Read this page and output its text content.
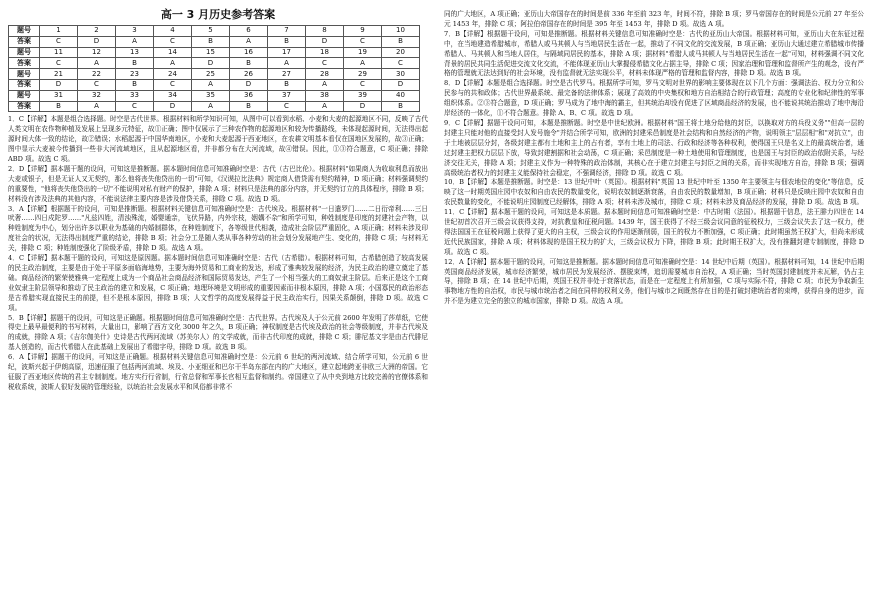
高一 3 月历史参考答案
题号	1	2	3	4	5	6	7	8	9	10
答案	C	D	A	C	B	A	B	D	C	B
题号	11	12	13	14	15	16	17	18	19	20
答案	C	A	B	A	D	B	A	C	A	C
题号	21	22	23	24	25	26	27	28	29	30
答案	D	C	B	C	A	D	B	A	C	D
题号	31	32	33	34	35	36	37	38	39	40
答案	B	A	C	D	A	B	C	A	D	B

1．C【详解】本题是组合选择题。时空是古代世界。根据材料和所学知识可知，从图中可以看到水稻、小麦和大麦的起源地区不同，反映了古代人类文明在农作物种植及发展上呈现多元特征，故①正确；图中仅展示了三种农作物的起源地区和较为传播路线，未体现起源时间，无法得出起源时间大体一致的结论，故②错误；水稻起源于中国华南地区，小麦和大麦起源于西亚地区，在农耕文明基本看仅在国地区发展的，故③正确；图中显示大麦被今传播到一些非大河流域地区，且从起源地区看，并非都分布在大河流域，故④错误。因此，①③符合题意，C 项正确；排除 ABD 项。故选 C 项。

2．D【详解】据本题干题的设问，可知这是推断题。据本题时间信息可知准确时空是：古代（古巴比伦）。根据材料"如果商人为收取利息而放出大麦或银子，但是无证人又无契约，那么他将丧失他贷出的一切"可知，《汉谟拉比法典》规定商人借贷需有契约精神，D 项正确；材料强调契约的重要性，"他将丧失他贷出的一切"不能说明对私有财产的保护，排除 A 项；材料只是法典的部分内容，并无契约订立的具体程序，排除 B 项；材料没有涉及法典的其他内容，不能说法律主要内容是涉及借贷关系，排除 C 项。故选 D 项。

3．A【详解】根据题干的设问，可知是推断题。根据材料关键信息可知准确时空是：古代埃及。根据材料"一日遣罗门……二日衍帝利……三日吠奢……四日戍陀罗……"凡兹四姓，清浊殊流，婚婴通亲，飞伏异路，内外宗枝，姻媾不杂"和所学可知，种姓制度是印度的封建社会产物，以种姓制度为中心，划分出许多以职业为基础的内婚制群体，在种姓制度下，各等级世代相袭，造成社会阶层严重固化，A 项正确；材料未涉及印度社会的状况，无法得出制度严重的结论，排除 B 项；社会分工是随人类从事各种劳动的社会划分发展地产生、变化的，排除 C 项；与材料无关，排除 C 项；种姓制度强化了阶级矛盾，排除 D 项。故选 A 项。

4．C【详解】据本题干题的设问，可知这是原因题。据本题时间信息可知准确时空是：古代（古希腊）。根据材料可知，古希腊创造了较高发展的民主政治制度，主要是由于处于平原多面临海地势，主要为海外贸易和工商业的发达，形成了雅典较发展的经济，为民主政治的建立奠定了基础。商品经济的繁荣使雅典一定程度上成为一个商品社会商品经济和国际贸易发达，产生了一个相当强大的工商奴隶主阶层。后来正是这个工商业奴隶主阶层领导和推动了民主政治的建立和发展，C 项正确；地理环境是文明形成的重要因素而非根本原因，排除 A 项；小国寡民的政治形态是古希腊实现直接民主的前提，但不是根本原因，排除 B 项；人文哲学的高度发展得益于民主政治实行，因果关系颠倒，排除 D 项。故选 C 项。

5．B【详解】据题干的设问，可知这是正确题。根据题时间信息可知准确时空是：古代世界。古代埃及人于公元前 2600 年发明了莎草纸，它使得史上最早最便利的书写材料，大量出口，影响了西方文化 3000 年之久，B 项正确；神权制度是古代埃及政治的社会等级制度，并非古代埃及的成就，排除 A 项；《吉尔伽美什》史诗是古代两河流域（苏美尔人）的文学成就，而非古代印度的成就，排除 C 项；腓尼基文字是由古代腓尼基人创造的，而古代希腊人在此基础上发展出了希腊字母，排除 D 项。故选 B 项。

6．A【详解】据题干的设问，可知这是正确题。根据材料关键信息可知准确时空是：公元前 6 世纪的两河流域、结合所学可知，公元前 6 世纪，波斯兴起于伊朗高原，迅速征服了包括两河流域、埃及、小亚细亚和巴尔干半岛东部在内的广大地区，建立起地跨亚非欧三大洲的帝国。它征服了西亚地区传统的君主专制制度。地方实行行省制，行省总督和军事长官相互监督和制约。帝国建立了从中央到地方比较完善的官僚体系和税收系统，波斯人很好发展的管理经验，以统治社会发展水平和风俗都非常不

同的广大地区，A 项正确；亚历山大帝国存在的时间是前 336 年至前 323 年，时间不符，排除 B 项；罗马帝国存在的时间是公元前 27 年至公元 1453 年，排除 C 项；阿拉伯帝国存在的时间是 395 年至 1453 年，排除 D 项。故选 A 项。

7．B【详解】根据题干设问，可知是推断题。根据材料关键信息可知准确时空是：古代的亚历山大帝国。根据材料可知，亚历山大在东征过程中，在当地建造希腊城市，希腊人或马其顿人与当地居民生活在一起，推动了不同文化的交流发展，B 项正确；亚历山大通过建立希腊城市传播希腊人、马其顿人和当地人居住，与隔域同居民的基本，排除 A 项；据材料"希腊人或马其顿人与当地居民生活在一起"可知，材料强调不同文化背景的居民共同生活促进交流文化交流，不能体现亚历山大掌握侵希腊文化占据主导，排除 C 项；因家治理和管理和监督所产生的观念，没有严格的管理就无法达到好的社会环境，没有监督就无法实现公平，材料未体现严格的管理和监督内容，排除 D 项。故选 B 项。

8．D【详解】本题是组合选择题。时空是古代罗马。根据所学可知，罗马文明对世界的影响主要体现在以下几个方面：强调法治、权力分立和公民参与的共和政体；古代世界最系统、最完备的法律体系；展现了高效的中央集权和地方自治相结合的行政管理；高度的专业化和纪律性的军事组织体系。②③符合题意，D 项正确；罗马成为了地中海的霸主，但其统治却没有促进了区域商品经济的发展，也不能说其统治推动了地中海沿岸经济的一体化，①不符合题意。排除 A、B、C 项。故选 D 项。

9．C【详解】据题干设问可知，本题是推断题。时空是中世纪欧洲。根据材料"国王将土地分给他的封臣，以换取对方的兵役义务""但高一层的封建主只能对他的直接受封人发号施令"并结合所学可知，欧洲的封建采邑制度是社会结构和自然经济的产物，说明领主"层层相"和"对抗立"，由于土地被层层分封，各级封建主都有土地和主上的占有者，享有土地上的司法、行政和经济等各种权利，使得国王只是名义上的最高统治者，通过封建主把权力层层下放，导致封建割据和社会动荡，C 项正确；采邑制度是一种土地使用和管理制度，也是国王与封臣的政治依附关系，与经济交往无关，排除 A 项；封建主义作为一种特殊的政治体制，其核心在于建立封建主与封臣之间的关系，而非实现地方自治，排除 B 项；强调高级统治者权力的封建主义能保持社会稳定，不强调经济，排除 D 项。故选 C 项。

10．B【详解】本题是推断题。时空是：13 世纪中叶（英国）。根据材料"英国 13 世纪中叶至 1350 年主要领主与佃农地位的变化"等信息，反映了这一时期英国庄园中农奴和自由农民的数量变化，说明农奴制逐渐衰落，自由农民的数量增加，B 项正确；材料只是反映庄园中农奴和自由农民数量的变化，不能说明庄园制度已经解体，排除 A 项；材料未涉及城市，排除 C 项；材料未涉及商品经济的发展，排除 D 项。故选 B 项。

11．C【详解】据本题干题的设问，可知这是本质题。据本题时间信息可知准确时空是：中古时期（法国）。根据题干信息，法王腓力四世在 14 世纪初首次召开三级会议获得支持，对抗教皇和征税问题。1439 年，国王获得了不经三级会议同意的征税权力，三级会议失去了这一权力，使得法国国王在征税问题上获得了更大的自主权，三级会议的作用逐渐削弱，国王的权力不断加强，C 项正确；此时期虽然王权扩大，但尚未形成近代民族国家，排除 A 项；材料体现的是国王权力的扩大，三级会议权力下降，排除 B 项；此时期王权扩大，没有推翻封建专制制度，排除 D 项。故选 C 项。

12．A【详解】据本题干题的设问，可知这是推断题。据本题时间信息可知准确时空是：14 世纪中后期（英国）。根据材料可知，14 世纪中后期英国商品经济发展，城市经济繁荣，城市居民为发展经济、摆脱束缚，追切需要城市自治权，A 项正确；当时英国封建制度并未瓦解，仍占主导，排除 B 项；在 14 世纪中后期，英国王权并非处于衰落状态，而是在一定程度上有所加强，C 项与实际不符，排除 C 项；市民为争取新生事物地方性的自治权，市民与城市统治者之间在同样的权利义务，他们与城市之间既然存在目的是打破封建统治者的束缚，获得自身的进步，而并不是为建立完全的独立的城市国家，排除 D 项。故选 A 项。
